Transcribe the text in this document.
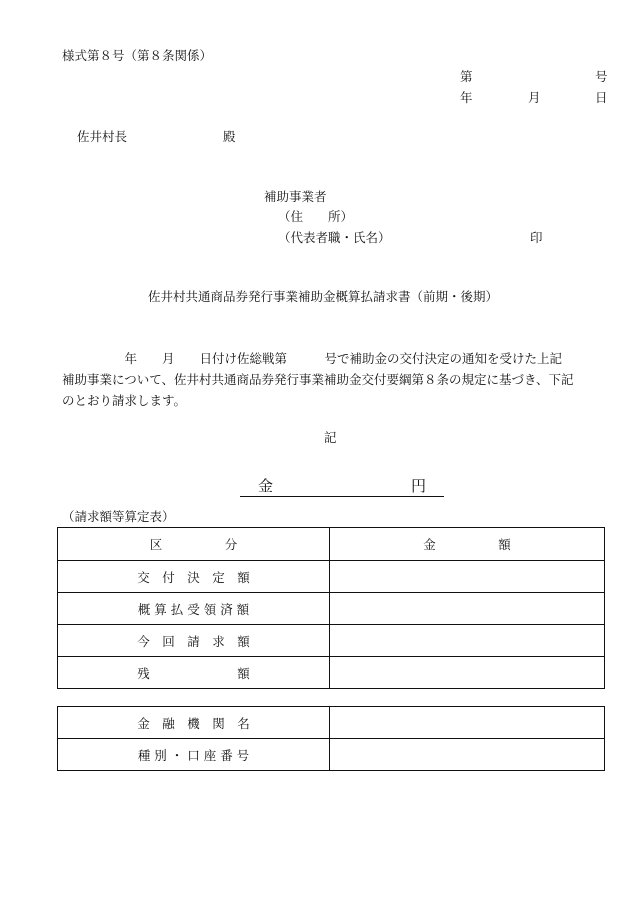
様式第８号（第８条関係）
第	号
年	月	日
佐井村長	殿
補助事業者
（住　　所）
（代表者職・氏名）	印
佐井村共通商品券発行事業補助金概算払請求書（前期・後期）
　　　　　年　　月　　日付け佐総戦第　　　号で補助金の交付決定の通知を受けた上記
補助事業について、佐井村共通商品券発行事業補助金交付要綱第８条の規定に基づき、下記
のとおり請求します。
記
金	円
（請求額等算定表）
区　　　　　分	金　　　　　額
交　付　決　定　額	
概 算 払 受 領 済 額	
今　回　請　求　額	
残　　　　　　　額	
金　融　機　関　名	
種 別 ・ 口 座 番 号	
